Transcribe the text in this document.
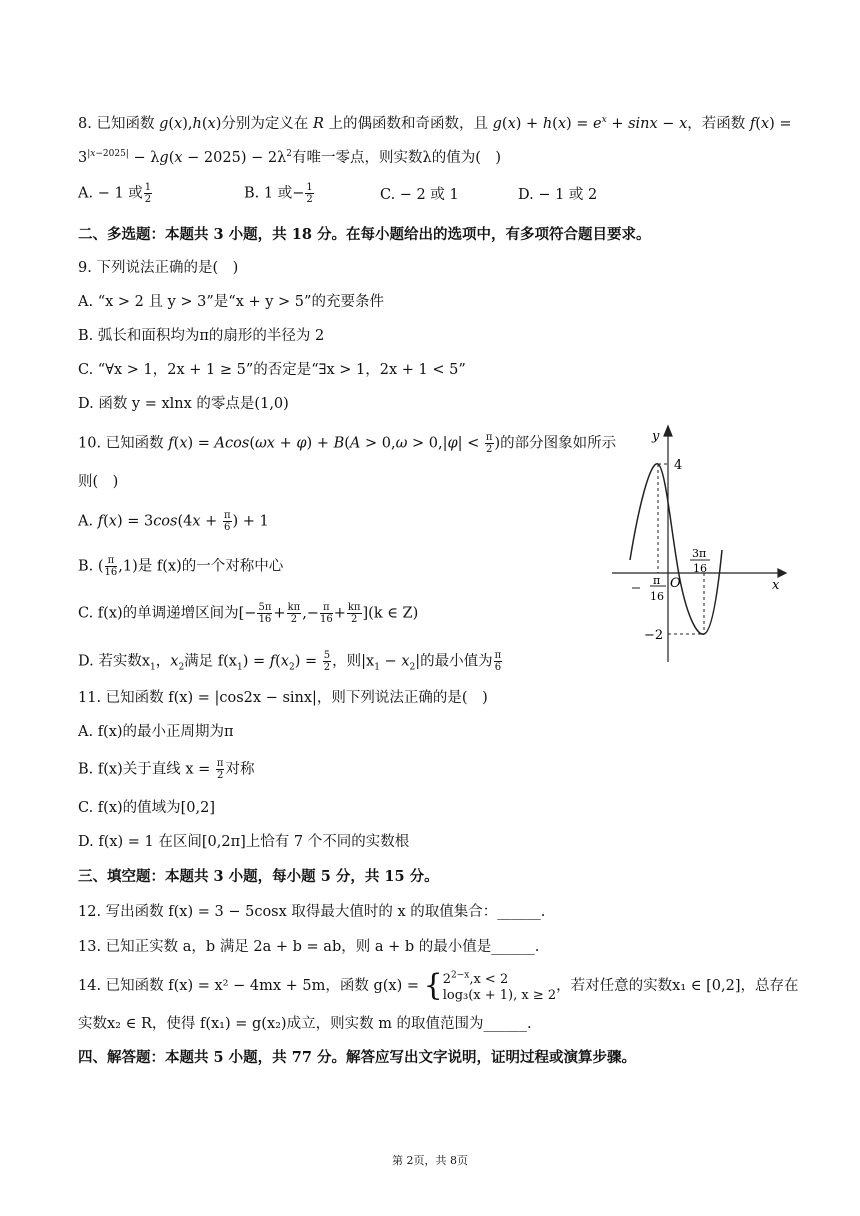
8. 已知函数 g(x),h(x)分别为定义在 R 上的偶函数和奇函数，且 $g(x) + h(x) = e^x + \sin x - x$，若函数 f(x) =
$3^{|x-2025|} - \lambda g(x - 2025) - 2\lambda^2$有唯一零点，则实数λ的值为(　)
A. − 1 或 $\frac{1}{2}$	B. 1 或− $\frac{1}{2}$	C. − 2 或 1	D. − 1 或 2
二、多选题：本题共 3 小题，共 18 分。在每小题给出的选项中，有多项符合题目要求。
9. 下列说法正确的是(　)
A. “x > 2 且 y > 3”是“x + y > 5”的充要条件
B. 弧长和面积均为π的扇形的半径为 2
C. “∀x > 1，2x + 1 ≥ 5”的否定是“∃x > 1，2x + 1 < 5”
D. 函数 y = xlnx 的零点是(1,0)
10. 已知函数 $f(x) = Acos(\omega x + \varphi) + B(A > 0,\omega > 0,|\varphi| < \frac{\pi}{2}$ )的部分图象如所示
则(　)
A. $f(x) = 3\cos(4x + \frac{\pi}{6}$ ) + 1
B. ( $\frac{\pi}{16} ,1$)是 f(x)的一个对称中心
C. f(x)的单调递增区间为[− $\frac{5\pi}{16} + \frac{k\pi}{2}$ ,− $\frac{\pi}{16} + \frac{k\pi}{2} ](k$ ∈ Z)
D. 若实数$x_1$，$x_2$满足 $f(x_1) = f(x_2) = \frac{5}{2}$ ，则$|x_1 - x_2|$的最小值为 $\frac{\pi}{6}$
y
x
O
4
−2
π
16
3π
16
11. 已知函数 f(x) = |cos2x − sinx|，则下列说法正确的是(　)
A. f(x)的最小正周期为π
B. f(x)关于直线 $x = \frac{\pi}{2}$ 对称
C. f(x)的值域为[0,2]
D. f(x) = 1 在区间[0,2π]上恰有 7 个不同的实数根
三、填空题：本题共 3 小题，每小题 5 分，共 15 分。
12. 写出函数 f(x) = 3 − 5cosx 取得最大值时的 x 的取值集合：______.
13. 已知正实数 a，b 满足 2a + b = ab，则 a + b 的最小值是______.
14. 已知函数 f(x) = x² − 4mx + 5m，函数 $g(x) = \{2^{2-x},x < 2$
log₃(x + 1), x ≥ 2，若对任意的实数x₁ ∈ [0,2]，总存在
实数x₂ ∈ R，使得 f(x₁) = g(x₂)成立，则实数 m 的取值范围为______.
四、解答题：本题共 5 小题，共 77 分。解答应写出文字说明，证明过程或演算步骤。
第 2页，共 8页
